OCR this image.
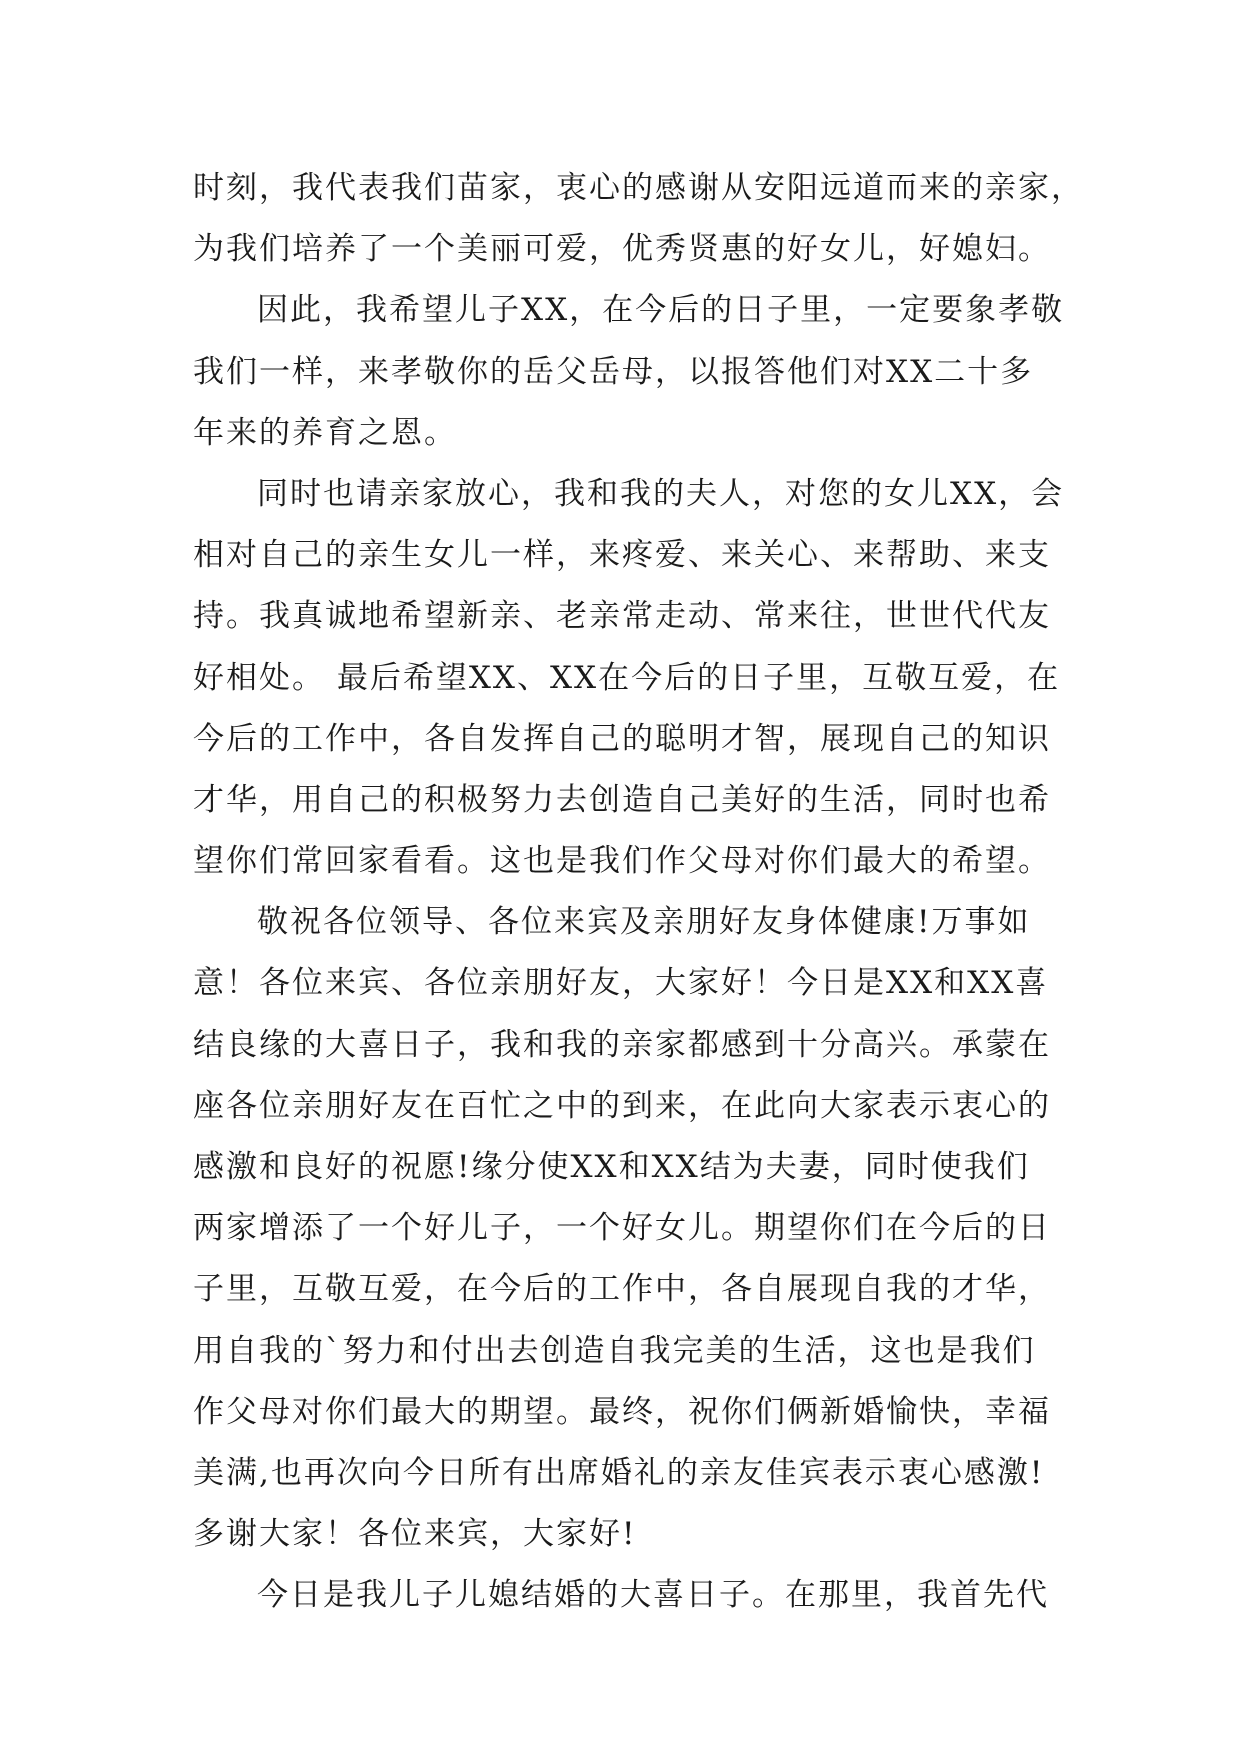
时刻，我代表我们苗家，衷心的感谢从安阳远道而来的亲家，
为我们培养了一个美丽可爱，优秀贤惠的好女儿，好媳妇。
因此，我希望儿子XX，在今后的日子里，一定要象孝敬
我们一样，来孝敬你的岳父岳母，以报答他们对XX二十多
年来的养育之恩。
同时也请亲家放心，我和我的夫人，对您的女儿XX，会
相对自己的亲生女儿一样，来疼爱、来关心、来帮助、来支
持。我真诚地希望新亲、老亲常走动、常来往，世世代代友
好相处。 最后希望XX、XX在今后的日子里，互敬互爱，在
今后的工作中，各自发挥自己的聪明才智，展现自己的知识
才华，用自己的积极努力去创造自己美好的生活，同时也希
望你们常回家看看。这也是我们作父母对你们最大的希望。
敬祝各位领导、各位来宾及亲朋好友身体健康!万事如
意！各位来宾、各位亲朋好友，大家好！今日是XX和XX喜
结良缘的大喜日子，我和我的亲家都感到十分高兴。承蒙在
座各位亲朋好友在百忙之中的到来，在此向大家表示衷心的
感激和良好的祝愿!缘分使XX和XX结为夫妻，同时使我们
两家增添了一个好儿子，一个好女儿。期望你们在今后的日
子里，互敬互爱，在今后的工作中，各自展现自我的才华，
用自我的`努力和付出去创造自我完美的生活，这也是我们
作父母对你们最大的期望。最终，祝你们俩新婚愉快，幸福
美满,也再次向今日所有出席婚礼的亲友佳宾表示衷心感激!
多谢大家！各位来宾，大家好!
今日是我儿子儿媳结婚的大喜日子。在那里，我首先代
